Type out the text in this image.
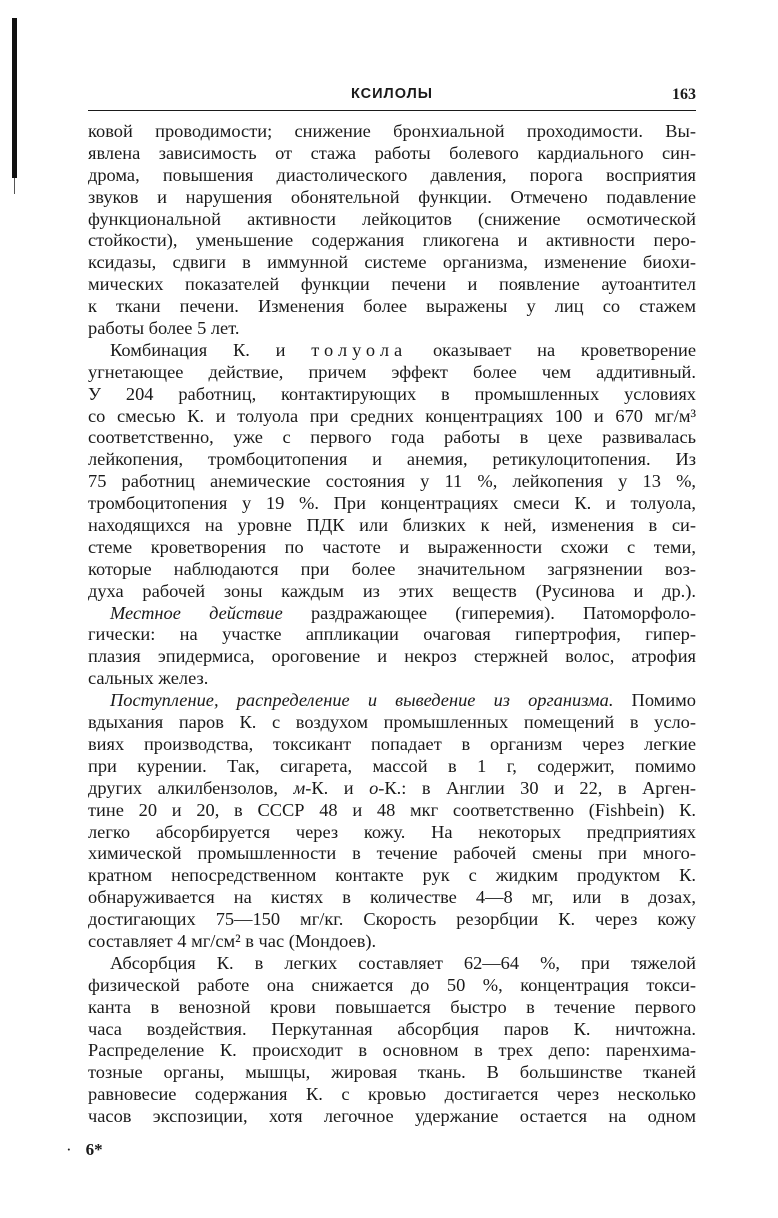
КСИЛОЛЫ	163

ковой проводимости; снижение бронхиальной проходимости. Вы-
явлена зависимость от стажа работы болевого кардиального син-
дрома, повышения диастолического давления, порога восприятия
звуков и нарушения обонятельной функции. Отмечено подавление
функциональной активности лейкоцитов (снижение осмотической
стойкости), уменьшение содержания гликогена и активности перо-
ксидазы, сдвиги в иммунной системе организма, изменение биохи-
мических показателей функции печени и появление аутоантител
к ткани печени. Изменения более выражены у лиц со стажем
работы более 5 лет.

Комбинация К. и толуола оказывает на кроветворение
угнетающее действие, причем эффект более чем аддитивный.
У 204 работниц, контактирующих в промышленных условиях
со смесью К. и толуола при средних концентрациях 100 и 670 мг/м³
соответственно, уже с первого года работы в цехе развивалась
лейкопения, тромбоцитопения и анемия, ретикулоцитопения. Из
75 работниц анемические состояния у 11 %, лейкопения у 13 %,
тромбоцитопения у 19 %. При концентрациях смеси К. и толуола,
находящихся на уровне ПДК или близких к ней, изменения в си-
стеме кроветворения по частоте и выраженности схожи с теми,
которые наблюдаются при более значительном загрязнении воз-
духа рабочей зоны каждым из этих веществ (Русинова и др.).

Местное действие раздражающее (гиперемия). Патоморфоло-
гически: на участке аппликации очаговая гипертрофия, гипер-
плазия эпидермиса, ороговение и некроз стержней волос, атрофия
сальных желез.

Поступление, распределение и выведение из организма. Помимо
вдыхания паров К. с воздухом промышленных помещений в усло-
виях производства, токсикант попадает в организм через легкие
при курении. Так, сигарета, массой в 1 г, содержит, помимо
других алкилбензолов, м-К. и о-К.: в Англии 30 и 22, в Арген-
тине 20 и 20, в СССР 48 и 48 мкг соответственно (Fishbein) К.
легко абсорбируется через кожу. На некоторых предприятиях
химической промышленности в течение рабочей смены при много-
кратном непосредственном контакте рук с жидким продуктом К.
обнаруживается на кистях в количестве 4—8 мг, или в дозах,
достигающих 75—150 мг/кг. Скорость резорбции К. через кожу
составляет 4 мг/см² в час (Мондоев).

Абсорбция К. в легких составляет 62—64 %, при тяжелой
физической работе она снижается до 50 %, концентрация токси-
канта в венозной крови повышается быстро в течение первого
часа воздействия. Перкутанная абсорбция паров К. ничтожна.
Распределение К. происходит в основном в трех депо: паренхима-
тозные органы, мышцы, жировая ткань. В большинстве тканей
равновесие содержания К. с кровью достигается через несколько
часов экспозиции, хотя легочное удержание остается на одном

· 6*
